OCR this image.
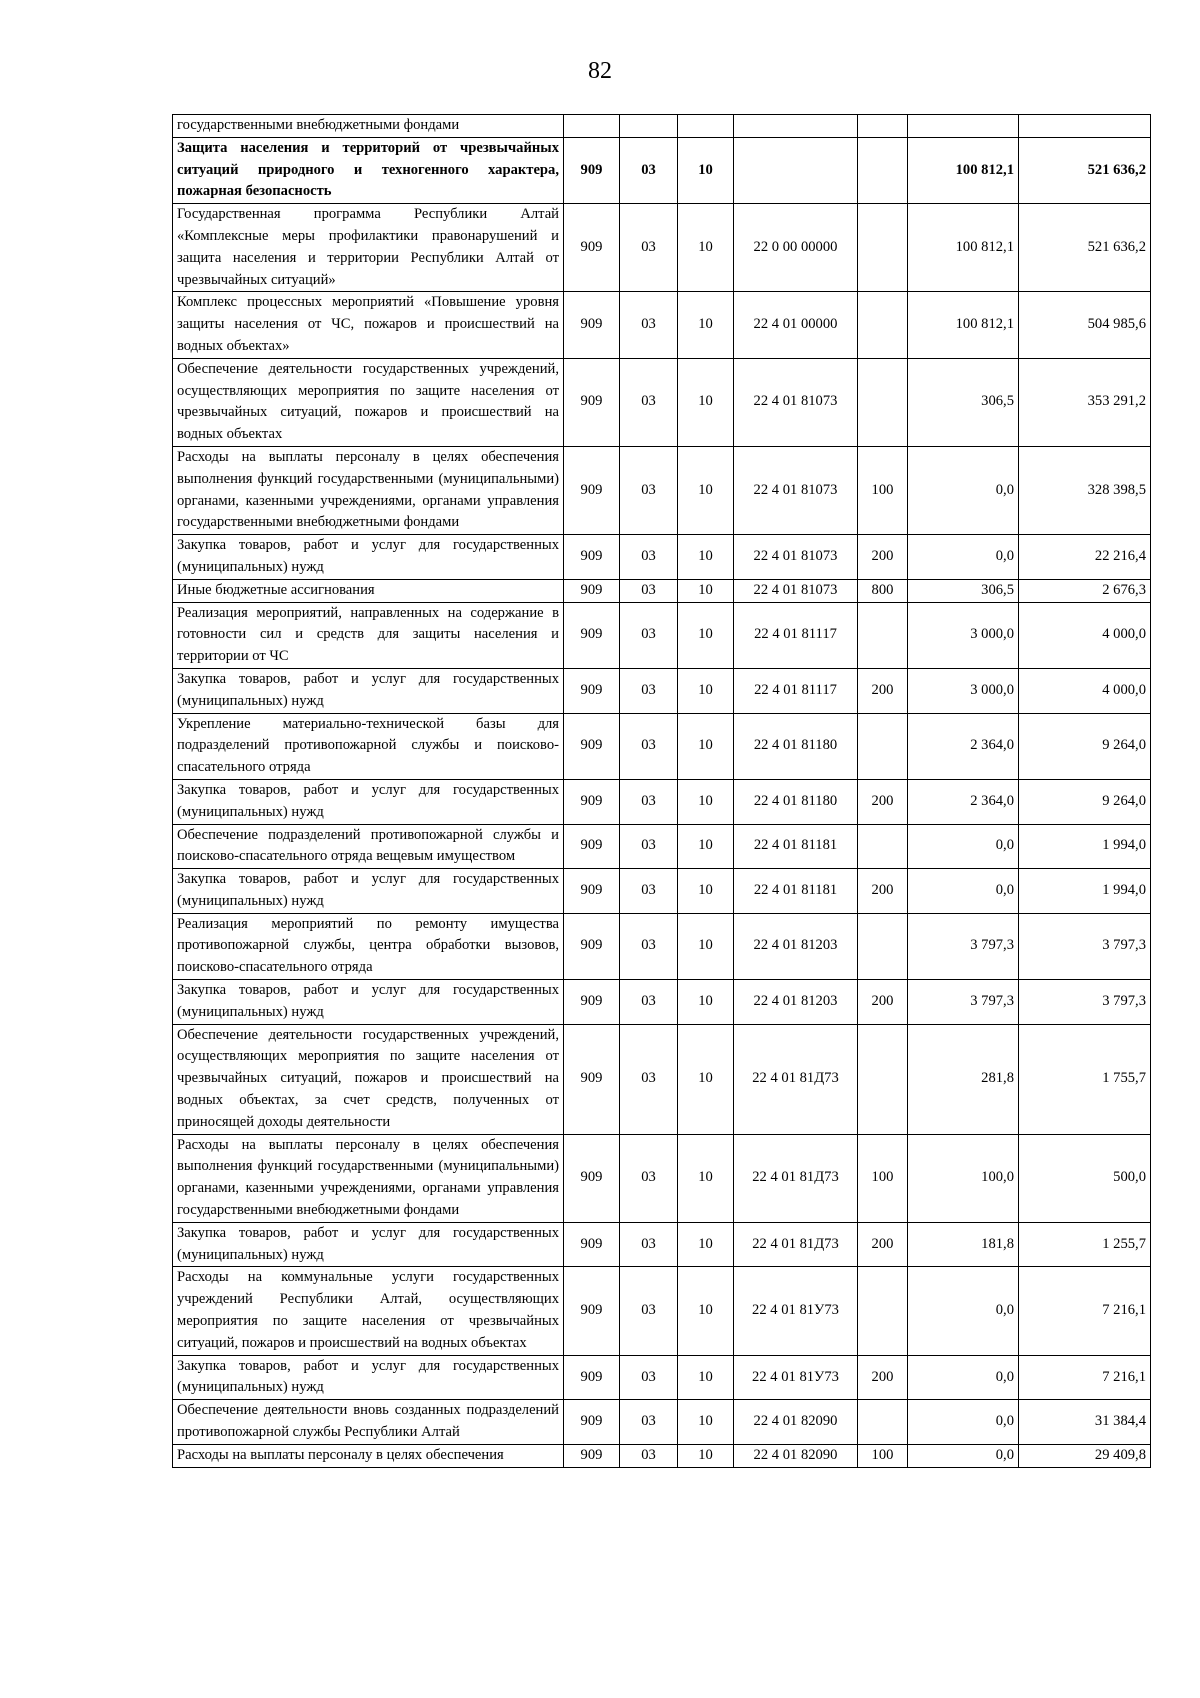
82
государственными внебюджетными фондами							
Защита населения и территорий от чрезвычайных ситуаций природного и техногенного характера, пожарная безопасность	909	03	10			100 812,1	521 636,2
Государственная программа Республики Алтай «Комплексные меры профилактики правонарушений и защита населения и территории Республики Алтай от чрезвычайных ситуаций»	909	03	10	22 0 00 00000		100 812,1	521 636,2
Комплекс процессных мероприятий «Повышение уровня защиты населения от ЧС, пожаров и происшествий на водных объектах»	909	03	10	22 4 01 00000		100 812,1	504 985,6
Обеспечение деятельности государственных учреждений, осуществляющих мероприятия по защите населения от чрезвычайных ситуаций, пожаров и происшествий на водных объектах	909	03	10	22 4 01 81073		306,5	353 291,2
Расходы на выплаты персоналу в целях обеспечения выполнения функций государственными (муниципальными) органами, казенными учреждениями, органами управления государственными внебюджетными фондами	909	03	10	22 4 01 81073	100	0,0	328 398,5
Закупка товаров, работ и услуг для государственных (муниципальных) нужд	909	03	10	22 4 01 81073	200	0,0	22 216,4
Иные бюджетные ассигнования	909	03	10	22 4 01 81073	800	306,5	2 676,3
Реализация мероприятий, направленных на содержание в готовности сил и средств для защиты населения и территории от ЧС	909	03	10	22 4 01 81117		3 000,0	4 000,0
Закупка товаров, работ и услуг для государственных (муниципальных) нужд	909	03	10	22 4 01 81117	200	3 000,0	4 000,0
Укрепление материально-технической базы для подразделений противопожарной службы и поисково-спасательного отряда	909	03	10	22 4 01 81180		2 364,0	9 264,0
Закупка товаров, работ и услуг для государственных (муниципальных) нужд	909	03	10	22 4 01 81180	200	2 364,0	9 264,0
Обеспечение подразделений противопожарной службы и поисково-спасательного отряда вещевым имуществом	909	03	10	22 4 01 81181		0,0	1 994,0
Закупка товаров, работ и услуг для государственных (муниципальных) нужд	909	03	10	22 4 01 81181	200	0,0	1 994,0
Реализация мероприятий по ремонту имущества противопожарной службы, центра обработки вызовов, поисково-спасательного отряда	909	03	10	22 4 01 81203		3 797,3	3 797,3
Закупка товаров, работ и услуг для государственных (муниципальных) нужд	909	03	10	22 4 01 81203	200	3 797,3	3 797,3
Обеспечение деятельности государственных учреждений, осуществляющих мероприятия по защите населения от чрезвычайных ситуаций, пожаров и происшествий на водных объектах, за счет средств, полученных от приносящей доходы деятельности	909	03	10	22 4 01 81Д73		281,8	1 755,7
Расходы на выплаты персоналу в целях обеспечения выполнения функций государственными (муниципальными) органами, казенными учреждениями, органами управления государственными внебюджетными фондами	909	03	10	22 4 01 81Д73	100	100,0	500,0
Закупка товаров, работ и услуг для государственных (муниципальных) нужд	909	03	10	22 4 01 81Д73	200	181,8	1 255,7
Расходы на коммунальные услуги государственных учреждений Республики Алтай, осуществляющих мероприятия по защите населения от чрезвычайных ситуаций, пожаров и происшествий на водных объектах	909	03	10	22 4 01 81У73		0,0	7 216,1
Закупка товаров, работ и услуг для государственных (муниципальных) нужд	909	03	10	22 4 01 81У73	200	0,0	7 216,1
Обеспечение деятельности вновь созданных подразделений противопожарной службы Республики Алтай	909	03	10	22 4 01 82090		0,0	31 384,4
Расходы на выплаты персоналу в целях обеспечения	909	03	10	22 4 01 82090	100	0,0	29 409,8
